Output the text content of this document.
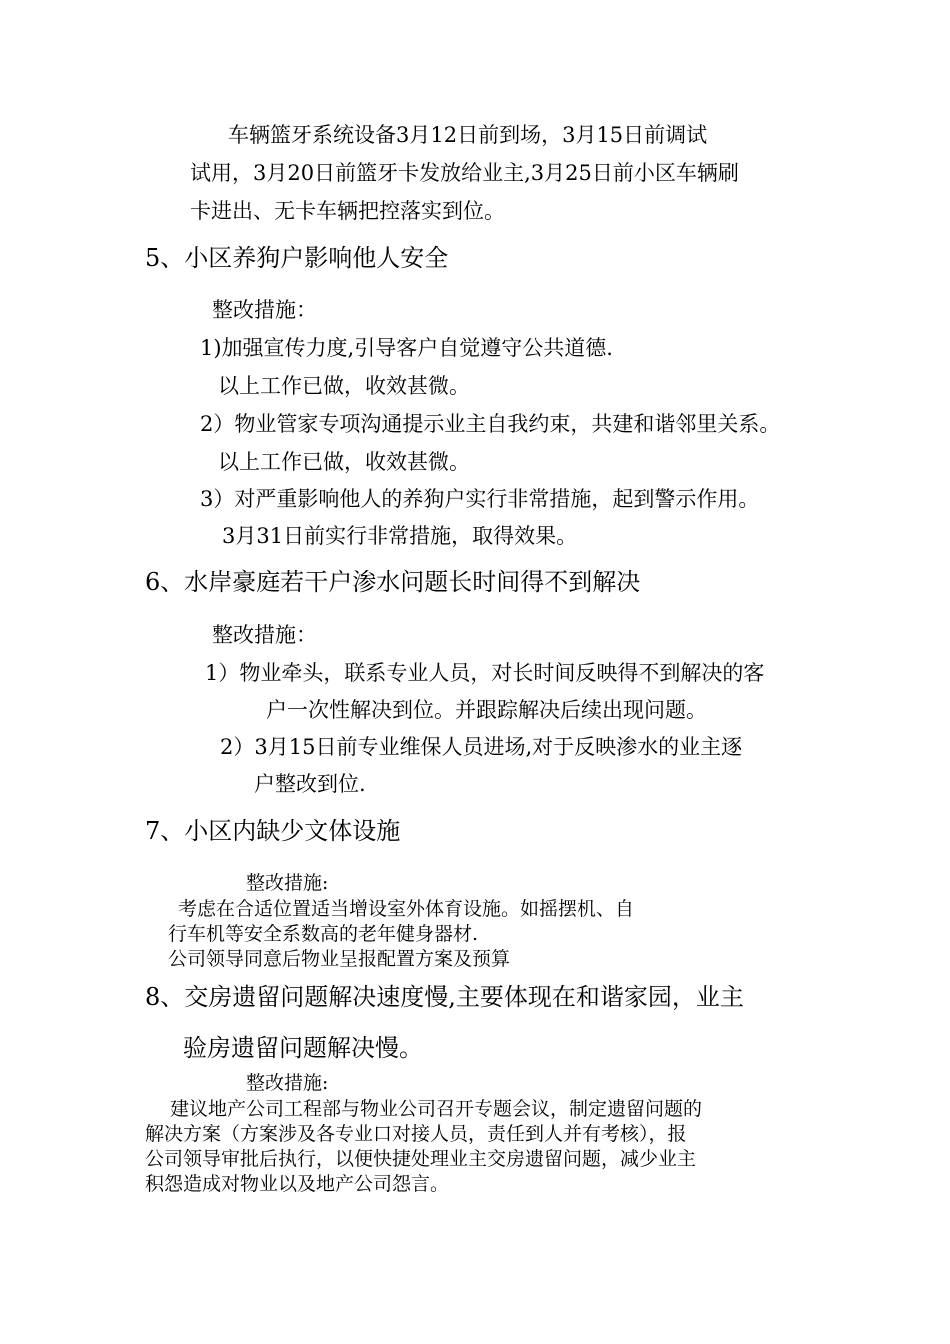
车辆篮牙系统设备3月12日前到场，3月15日前调试
试用，3月20日前篮牙卡发放给业主,3月25日前小区车辆刷
卡进出、无卡车辆把控落实到位。
5、小区养狗户影响他人安全
整改措施：
1)加强宣传力度,引导客户自觉遵守公共道德.
以上工作已做，收效甚微。
2）物业管家专项沟通提示业主自我约束，共建和谐邻里关系。
以上工作已做，收效甚微。
3）对严重影响他人的养狗户实行非常措施，起到警示作用。
3月31日前实行非常措施，取得效果。
6、水岸豪庭若干户渗水问题长时间得不到解决
整改措施：
1）物业牵头，联系专业人员，对长时间反映得不到解决的客
户一次性解决到位。并跟踪解决后续出现问题。
2）3月15日前专业维保人员进场,对于反映渗水的业主逐
户整改到位.
7、小区内缺少文体设施
整改措施:
考虑在合适位置适当增设室外体育设施。如摇摆机、自
行车机等安全系数高的老年健身器材.
公司领导同意后物业呈报配置方案及预算
8、交房遗留问题解决速度慢,主要体现在和谐家园，业主
验房遗留问题解决慢。
整改措施:
建议地产公司工程部与物业公司召开专题会议，制定遗留问题的
解决方案（方案涉及各专业口对接人员，责任到人并有考核），报
公司领导审批后执行，以便快捷处理业主交房遗留问题，减少业主
积怨造成对物业以及地产公司怨言。
